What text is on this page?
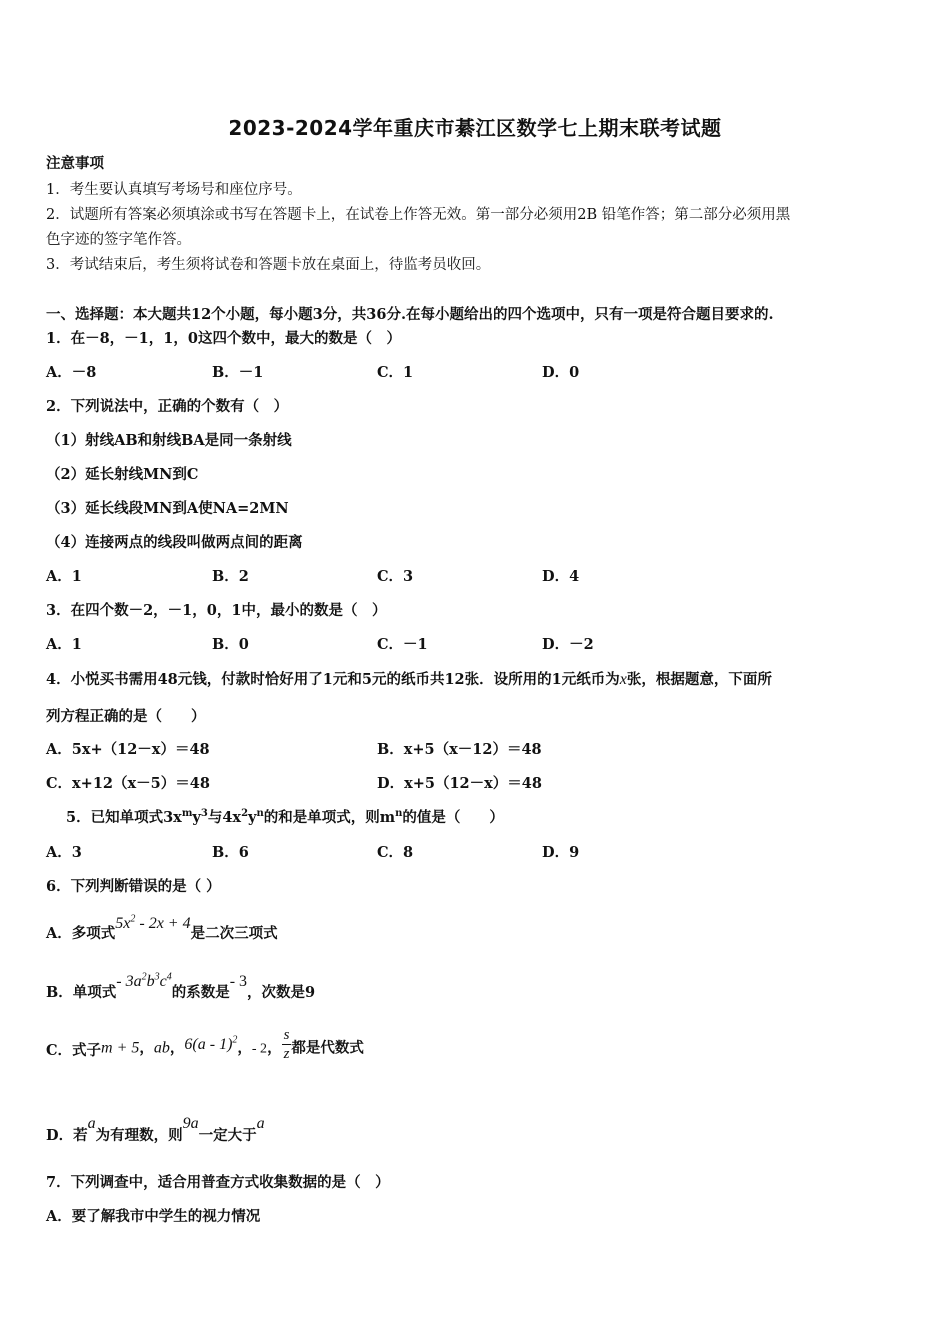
2023-2024学年重庆市綦江区数学七上期末联考试题
注意事项
1．考生要认真填写考场号和座位序号。
2．试题所有答案必须填涂或书写在答题卡上，在试卷上作答无效。第一部分必须用2B 铅笔作答；第二部分必须用黑
色字迹的签字笔作答。
3．考试结束后，考生须将试卷和答题卡放在桌面上，待监考员收回。
一、选择题：本大题共12个小题，每小题3分，共36分.在每小题给出的四个选项中，只有一项是符合题目要求的.
1．在－8，－1，1，0这四个数中，最大的数是（　）
A．－8	B．－1	C．1	D．0
2．下列说法中，正确的个数有（　）
（1）射线AB和射线BA是同一条射线
（2）延长射线MN到C
（3）延长线段MN到A使NA=2MN
（4）连接两点的线段叫做两点间的距离
A．1	B．2	C．3	D．4
3．在四个数－2，－1，0，1中，最小的数是（　）
A．1	B．0	C．－1	D．－2
4．小悦买书需用48元钱，付款时恰好用了1元和5元的纸币共12张．设所用的1元纸币为x张，根据题意，下面所
列方程正确的是（　　）
A．5x+（12－x）＝48	B．x+5（x－12）＝48
C．x+12（x－5）＝48	D．x+5（12－x）＝48
5．已知单项式$3x^my^3$与$4x^2y^n$的和是单项式，则$m^n$的值是（　　）
A．3	B．6	C．8	D．9
6．下列判断错误的是（ ）
A．多项式$5x^2 - 2x + 4$是二次三项式
B．单项式- $3a^2b^3c^4$的系数是- 3，次数是9
C．式子m + 5，ab，6(a - 1)$^2$，- 2， $\frac{s}{z}$ 都是代数式
D．若a为有理数，则9a一定大于a
7．下列调查中，适合用普查方式收集数据的是（　）
A．要了解我市中学生的视力情况
